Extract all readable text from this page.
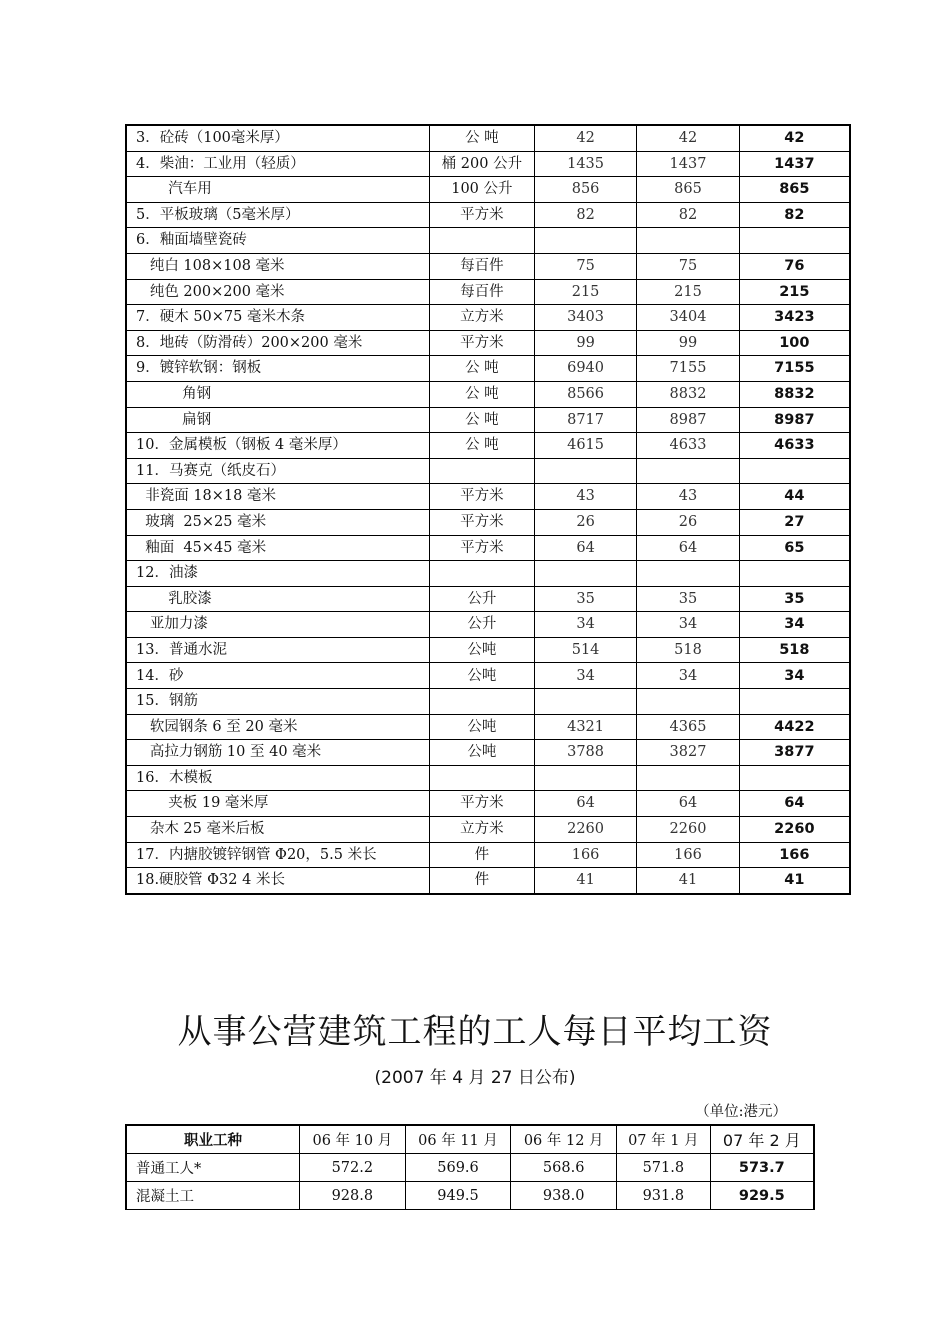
3．砼砖（100毫米厚）	公 吨	42	42	42
4．柴油：工业用（轻质）	桶 200 公升	1435	1437	1437
汽车用	100 公升	856	865	865
5．平板玻璃（5毫米厚）	平方米	82	82	82
6．釉面墙壁瓷砖				
纯白 108×108 毫米	每百件	75	75	76
纯色 200×200 毫米	每百件	215	215	215
7．硬木 50×75 毫米木条	立方米	3403	3404	3423
8．地砖（防滑砖）200×200 毫米	平方米	99	99	100
9．镀锌软钢：钢板	公 吨	6940	7155	7155
角钢	公 吨	8566	8832	8832
扁钢	公 吨	8717	8987	8987
10．金属模板（钢板 4 毫米厚）	公 吨	4615	4633	4633
11．马赛克（纸皮石）				
非瓷面 18×18 毫米	平方米	43	43	44
玻璃  25×25 毫米	平方米	26	26	27
釉面  45×45 毫米	平方米	64	64	65
12．油漆				
乳胶漆	公升	35	35	35
亚加力漆	公升	34	34	34
13．普通水泥	公吨	514	518	518
14．砂	公吨	34	34	34
15．钢筋				
软园钢条 6 至 20 毫米	公吨	4321	4365	4422
高拉力钢筋 10 至 40 毫米	公吨	3788	3827	3877
16．木模板				
夹板 19 毫米厚	平方米	64	64	64
杂木 25 毫米后板	立方米	2260	2260	2260
17．内搪胶镀锌钢管 Φ20，5.5 米长	件	166	166	166
18.硬胶管 Φ32 4 米长	件	41	41	41
从事公营建筑工程的工人每日平均工资
(2007 年 4 月 27 日公布)
（单位:港元）
职业工种	06 年 10 月	06 年 11 月	06 年 12 月	07 年 1 月	07 年 2 月
普通工人*	572.2	569.6	568.6	571.8	573.7
混凝土工	928.8	949.5	938.0	931.8	929.5
